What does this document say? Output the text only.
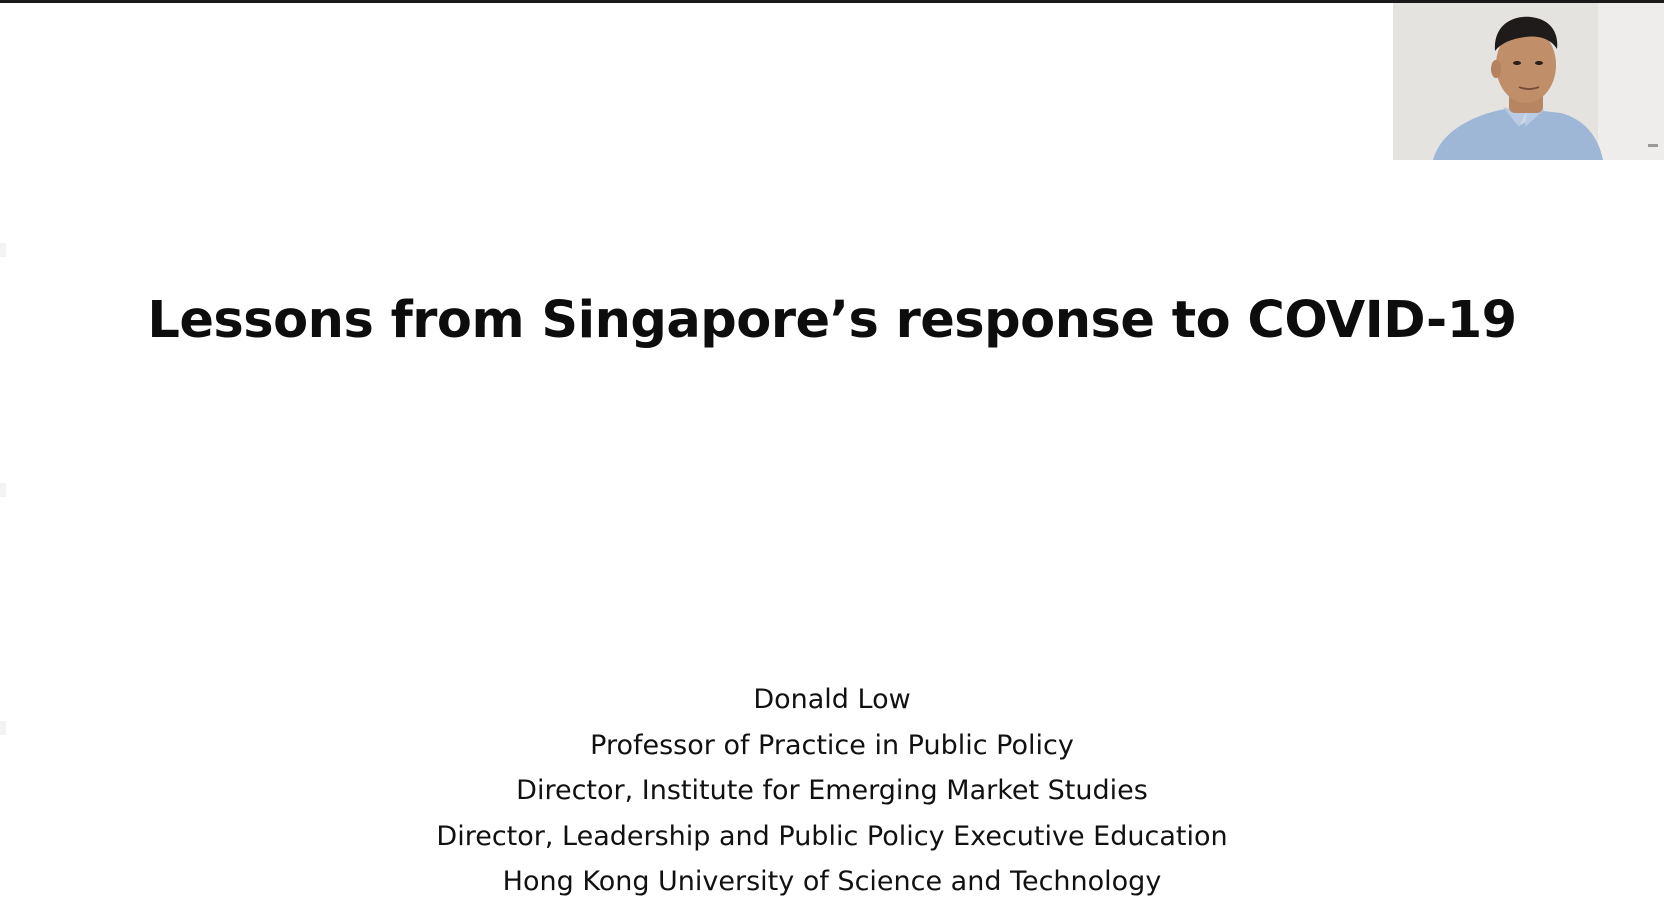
Lessons from Singapore’s response to COVID-19
Donald Low
Professor of Practice in Public Policy
Director, Institute for Emerging Market Studies
Director, Leadership and Public Policy Executive Education
Hong Kong University of Science and Technology
